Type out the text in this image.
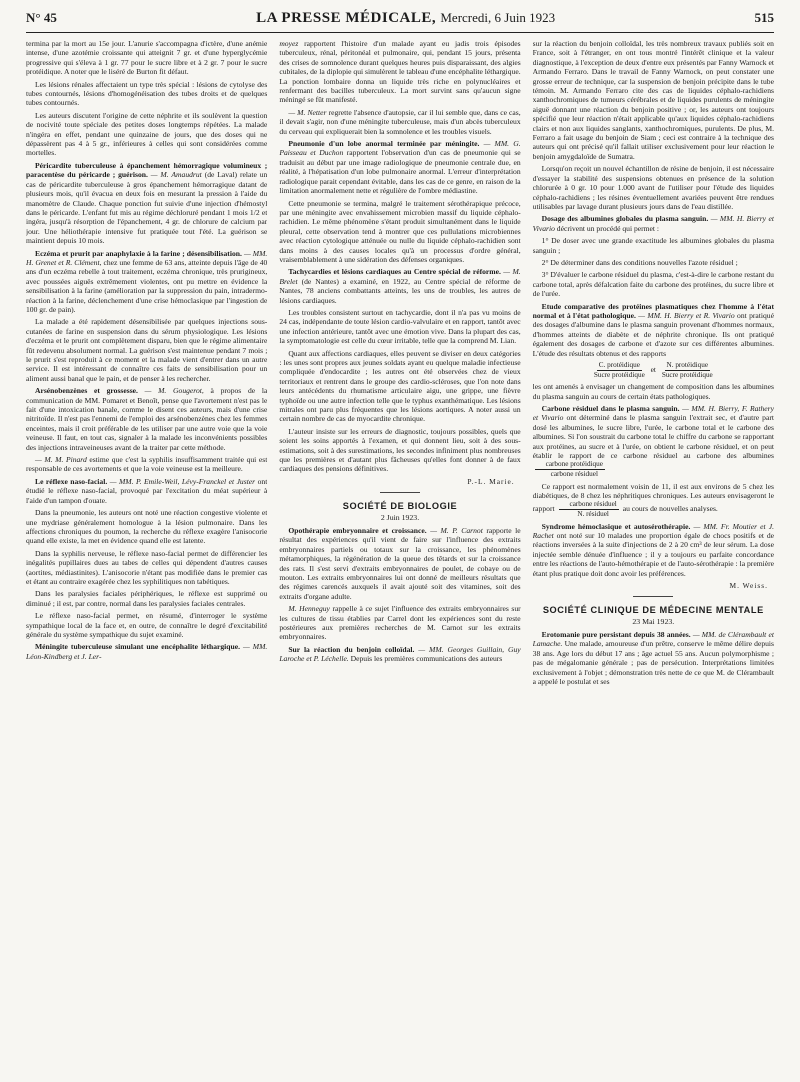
N° 45	LA PRESSE MÉDICALE, Mercredi, 6 Juin 1923	515

termina par la mort au 15e jour. L'anurie s'accompagna d'ictère, d'une anémie intense, d'une azotémie croissante qui atteignit 7 gr. et d'une hyperglycémie progressive qui s'éleva à 1 gr. 77 pour le sucre libre et à 2 gr. 7 pour le sucre protéidique. A noter que le liséré de Burton fit défaut.

Les lésions rénales affectaient un type très spécial : lésions de cytolyse des tubes contournés, lésions d'homogénéisation des tubes droits et de quelques tubes contournés.

Les auteurs discutent l'origine de cette néphrite et ils soulèvent la question de nocivité toute spéciale des petites doses longtemps répétées. La malade n'ingéra en effet, pendant une quinzaine de jours, que des doses qui ne dépassèrent pas 4 à 5 gr., inférieures à celles qui sont considérées comme mortelles.

Péricardite tuberculeuse à épanchement hémorragique volumineux ; paracentèse du péricarde ; guérison. — M. Amaudrut (de Laval) relate un cas de péricardite tuberculeuse à gros épanchement hémorragique datant de plusieurs mois, qu'il évacua en deux fois en mesurant la pression à l'aide du manomètre de Claude. Chaque ponction fut suivie d'une injection d'hémostyl dans le péricarde. L'enfant fut mis au régime déchloruré pendant 1 mois 1/2 et ingéra, jusqu'à résorption de l'épanchement, 4 gr. de chlorure de calcium par jour. Une héliothérapie intensive fut pratiquée tout l'été. La guérison se maintient depuis 10 mois.

Eczéma et prurit par anaphylaxie à la farine ; désensibilisation. — MM. H. Grenet et R. Clément, chez une femme de 63 ans, atteinte depuis l'âge de 40 ans d'un eczéma rebelle à tout traitement, eczéma chronique, très prurigineux, avec poussées aiguës extrêmement violentes, ont pu mettre en évidence la sensibilisation à la farine (amélioration par la suppression du pain, intradermo-réaction à la farine, déclenchement d'une crise hémoclasique par l'ingestion de 100 gr. de pain).

La malade a été rapidement désensibilisée par quelques injections sous-cutanées de farine en suspension dans du sérum physiologique. Les lésions d'eczéma et le prurit ont complètement disparu, bien que le régime alimentaire fût redevenu absolument normal. La guérison s'est maintenue pendant 7 mois ; le prurit s'est reproduit à ce moment et la malade vient d'entrer dans un autre service. Il est intéressant de connaître ces faits de sensibilisation pour un aliment aussi banal que le pain, et de penser à les rechercher.

Arsénobenzènes et grossesse. — M. Gougerot, à propos de la communication de MM. Pomaret et Benoît, pense que l'avortement n'est pas le fait d'une intoxication banale, comme le disent ces auteurs, mais d'une crise nitritoïde. Il n'est pas l'ennemi de l'emploi des arsénobenzènes chez les femmes enceintes, mais il croit préférable de les utiliser par une autre voie que la voie veineuse. Il faut, en tout cas, signaler à la malade les inconvénients possibles des injections intraveineuses avant de la traiter par cette méthode.

— M. M. Pinard estime que c'est la syphilis insuffisamment traitée qui est responsable de ces avortements et que la voie veineuse est la meilleure.

Le réflexe naso-facial. — MM. P. Emile-Weil, Lévy-Franckel et Juster ont étudié le réflexe naso-facial, provoqué par l'excitation du méat supérieur à l'aide d'un tampon d'ouate.

Dans la pneumonie, les auteurs ont noté une réaction congestive violente et une mydriase généralement homologue à la lésion pulmonaire. Dans les affections chroniques du poumon, la recherche du réflexe exagère l'anisocorie quand elle existe, la met en évidence quand elle est latente.

Dans la syphilis nerveuse, le réflexe naso-facial permet de différencier les inégalités pupillaires dues au tabes de celles qui dépendent d'autres causes (aortites, médiastinites). L'anisocorie n'étant pas modifiée dans le premier cas et étant au contraire exagérée chez les syphilitiques non tabétiques.

Dans les paralysies faciales périphériques, le réflexe est supprimé ou diminué ; il est, par contre, normal dans les paralysies faciales centrales.

Le réflexe naso-facial permet, en résumé, d'interroger le système sympathique local de la face et, en outre, de connaître le degré d'excitabilité générale du système sympathique du sujet examiné.

Méningite tuberculeuse simulant une encéphalite léthargique. — MM. Léon-Kindberg et J. Ler-

moyez rapportent l'histoire d'un malade ayant eu jadis trois épisodes tuberculeux, rénal, péritonéal et pulmonaire, qui, pendant 15 jours, présenta des crises de somnolence durant quelques heures puis disparaissant, des algies cubitales, de la diplopie qui simulèrent le tableau d'une encéphalite léthargique. La ponction lombaire donna un liquide très riche en polynucléaires et renfermant des bacilles tuberculeux. La mort survint sans qu'aucun signe méningé se fût manifesté.

— M. Netter regrette l'absence d'autopsie, car il lui semble que, dans ce cas, il devait s'agir, non d'une méningite tuberculeuse, mais d'un abcès tuberculeux du cerveau qui expliquerait bien la somnolence et les troubles visuels.

Pneumonie d'un lobe anormal terminée par méningite. — MM. G. Paisseau et Duchon rapportent l'observation d'un cas de pneumonie qui se traduisit au début par une image radiologique de pneumonie centrale due, en réalité, à l'hépatisation d'un lobe pulmonaire anormal. L'erreur d'interprétation radiologique parait cependant évitable, dans les cas de ce genre, en raison de la limitation anormalement nette et régulière de l'ombre médiastine.

Cette pneumonie se termina, malgré le traitement sérothérapique précoce, par une méningite avec envahissement microbien massif du liquide céphalo-rachidien. Le même phénomène s'étant produit simultanément dans le liquide pleural, cette observation tend à montrer que ces pullulations microbiennes avec réaction cytologique atténuée ou nulle du liquide céphalo-rachidien sont dans moins à des causes locales qu'à un processus d'ordre général, vraisemblablement à une sidération des défenses organiques.

Tachycardies et lésions cardiaques au Centre spécial de réforme. — M. Brelet (de Nantes) a examiné, en 1922, au Centre spécial de réforme de Nantes, 78 anciens combattants atteints, les uns de troubles, les autres de lésions cardiaques.

Les troubles consistent surtout en tachycardie, dont il n'a pas vu moins de 24 cas, indépendante de toute lésion cardio-valvulaire et en rapport, tantôt avec une infection antérieure, tantôt avec une émotion vive. Dans la plupart des cas, la symptomatologie est celle du cœur irritable, telle que la comprend M. Lian.

Quant aux affections cardiaques, elles peuvent se diviser en deux catégories : les unes sont propres aux jeunes soldats ayant eu quelque maladie infectieuse compliquée d'endocardite ; les autres ont été observées chez de vieux territoriaux et rentrent dans le groupe des cardio-scléroses, que l'on note dans leurs antécédents du rhumatisme articulaire aigu, une grippe, une fièvre typhoïde ou une autre infection telle que le typhus exanthématique. Les lésions mitrales ont paru plus fréquentes que les lésions aortiques. A noter aussi un certain nombre de cas de myocardite chronique.

L'auteur insiste sur les erreurs de diagnostic, toujours possibles, quels que soient les soins apportés à l'examen, et qui donnent lieu, soit à des sous-estimations, soit à des surestimations, les secondes infiniment plus nombreuses que les premières et d'autant plus fâcheuses qu'elles font donner à de faux cardiaques des pensions définitives.

P.-L. Marie.
SOCIÉTÉ DE BIOLOGIE
2 Juin 1923.

Opothérapie embryonnaire et croissance. — M. P. Carnot rapporte le résultat des expériences qu'il vient de faire sur l'influence des extraits embryonnaires partiels ou totaux sur la croissance, les phénomènes métamorphiques, la régénération de la queue des têtards et sur la croissance des rats. Il s'est servi d'extraits embryonnaires de poulet, de cobaye ou de mouton. Les extraits embryonnaires lui ont donné de meilleurs résultats que des régimes carencés auxquels il avait ajouté soit des vitamines, soit des extraits d'organe adulte.

M. Henneguy rappelle à ce sujet l'influence des extraits embryonnaires sur les cultures de tissu établies par Carrel dont les expériences sont du reste postérieures aux premières recherches de M. Carnot sur les extraits embryonnaires.

Sur la réaction du benjoin colloïdal. — MM. Georges Guillain, Guy Laroche et P. Léchelle. Depuis les premières communications des auteurs

sur la réaction du benjoin colloïdal, les très nombreux travaux publiés soit en France, soit à l'étranger, en ont tous montré l'intérêt clinique et la valeur diagnostique, à l'exception de deux d'entre eux présentés par Fanny Warnock et Armando Ferraro. Dans le travail de Fanny Warnock, on peut constater une grosse erreur de technique, car la suspension de benjoin précipite dans le tube témoin. M. Armando Ferraro cite des cas de liquides céphalo-rachidiens xanthochromiques de tumeurs cérébrales et de liquides purulents de méningite aiguë donnant une réaction du benjoin positive ; or, les auteurs ont toujours spécifié que leur réaction n'était applicable qu'aux liquides céphalo-rachidiens clairs et non aux liquides sanglants, xanthochromiques, purulents. De plus, M. Ferraro a fait usage du benjoin de Siam ; ceci est contraire à la technique des auteurs qui ont précisé qu'il fallait utiliser exclusivement pour leur réaction le benjoin amygdaloïde de Sumatra.

Lorsqu'on reçoit un nouvel échantillon de résine de benjoin, il est nécessaire d'essayer la stabilité des suspensions obtenues en présence de la solution chlorurée à 0 gr. 10 pour 1.000 avant de l'utiliser pour l'étude des liquides céphalo-rachidiens ; les résines éventuellement avariées peuvent être rendues utilisables par lavage durant plusieurs jours dans de l'eau distillée.

Dosage des albumines globales du plasma sanguin. — MM. H. Bierry et Vivario décrivent un procédé qui permet :

1° De doser avec une grande exactitude les albumines globales du plasma sanguin ;

2° De déterminer dans des conditions nouvelles l'azote résiduel ;

3° D'évaluer le carbone résiduel du plasma, c'est-à-dire le carbone restant du carbone total, après défalcation faite du carbone des protéines, du sucre libre et de l'urée.

Etude comparative des protéines plasmatiques chez l'homme à l'état normal et à l'état pathologique. — MM. H. Bierry et R. Vivario ont pratiqué des dosages d'albumine dans le plasma sanguin provenant d'hommes normaux, d'hommes atteints de diabète et de néphrite chronique. Ils ont pratiqué également des dosages de carbone et d'azote sur ces différentes albumines. L'étude des résultats obtenus et des rapports

$\frac{\text{C. protéidique}}{\text{Sucre protéidique}}$ et $\frac{\text{N. protéidique}}{\text{Sucre protéidique}}$

les ont amenés à envisager un changement de composition dans les albumines du plasma sanguin au cours de certain états pathologiques.

Carbone résiduel dans le plasma sanguin. — MM. H. Bierry, F. Rathery et Vivario ont déterminé dans le plasma sanguin l'extrait sec, et d'autre part dosé les albumines, le sucre libre, l'urée, le carbone total et le carbone des albumines. Si l'on soustrait du carbone total le chiffre du carbone se rapportant aux protéines, au sucre et à l'urée, on obtient le carbone résiduel, et on peut établir le rapport de ce carbone résiduel au carbone des albumines
$\frac{\text{carbone protéidique}}{\text{carbone résiduel}}$

Ce rapport est normalement voisin de 11, il est aux environs de 5 chez les diabétiques, de 8 chez les néphritiques chroniques. Les auteurs envisageront le rapport $\frac{\text{carbone résiduel}}{\text{N. résiduel}}$ au cours de nouvelles analyses.

Syndrome hémoclasique et autosérothérapie. — MM. Fr. Moutier et J. Rachet ont noté sur 10 malades une proportion égale de chocs positifs et de réactions inversées à la suite d'injections de 2 à 20 cm³ de leur sérum. La dose injectée semble dénuée d'influence ; il y a toujours eu parfaite concordance entre les réactions de l'auto-hémothérapie et de l'auto-sérothérapie : la première étant plus pratique doit donc avoir les préférences.

M. Weiss.
SOCIÉTÉ CLINIQUE DE MÉDECINE MENTALE
23 Mai 1923.

Erotomanie pure persistant depuis 38 années. — MM. de Clérambault et Lamache. Une malade, amoureuse d'un prêtre, conserve le même délire depuis 38 ans. Age lors du début 17 ans ; âge actuel 55 ans. Aucun polymorphisme ; pas de mégalomanie générale ; pas de persécution. Interprétations limitées exclusivement à l'objet ; démonstration très nette de ce que M. de Clérambault a appelé le postulat et ses
